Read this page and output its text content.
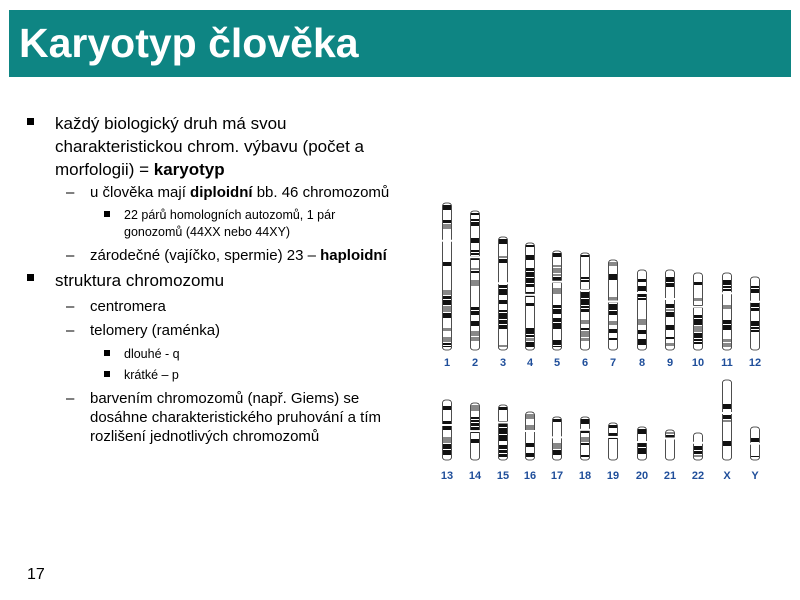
Karyotyp člověka
každý biologický druh má svou
charakteristickou chrom. výbavu (počet a
morfologii) = karyotyp
– u člověka mají diploidní bb. 46 chromozomů
22 párů homologních autozomů, 1 pár
gonozomů (44XX nebo 44XY)
– zárodečné (vajíčko, spermie) 23 – haploidní
struktura chromozomu
– centromera
– telomery (raménka)
dlouhé - q
krátké – p
– barvením chromozomů (např. Giems) se
dosáhne charakteristického pruhování a tím
rozlišení jednotlivých chromozomů
17
1 2 3 4 5 6 7 8 9 10 11 12
13 14 15 16 17 18 19 20 21 22 X Y
